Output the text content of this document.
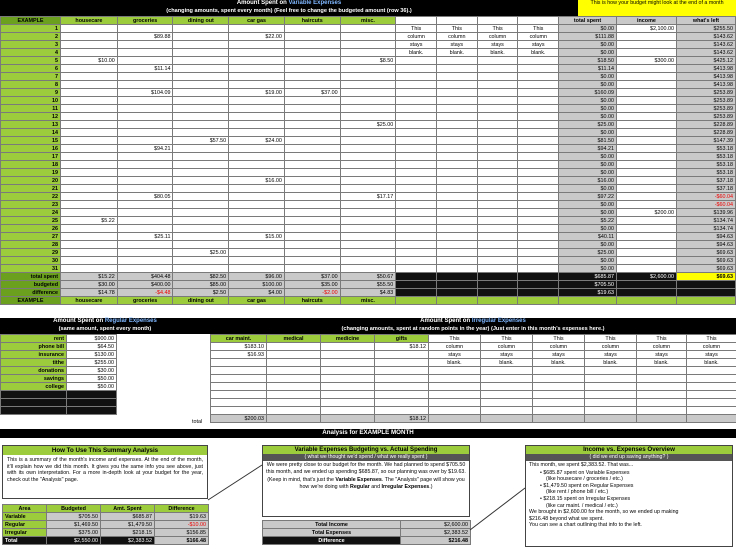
Amount Spent on Variable Expenses
(changing amounts, spent every month) (Feel free to change the budgeted amount (row 36).)
This is how your budget might look at the end of a month
EXAMPLE	housecare	groceries	dining out	car gas	haircuts	misc.					total spent	income	what's left
1							This	This	This	This	$0.00	$2,100.00	$255.50
2		$89.88		$22.00			column	column	column	column	$111.88		$143.62
3							stays	stays	stays	stays	$0.00		$143.62
4							blank.	blank.	blank.	blank.	$0.00		$143.62
5	$10.00					$8.50					$18.50	$300.00	$425.12
6		$11.14									$11.14		$413.98
7											$0.00		$413.98
8											$0.00		$413.98
9		$104.09		$19.00	$37.00						$160.09		$253.89
10											$0.00		$253.89
11											$0.00		$253.89
12											$0.00		$253.89
13						$25.00					$25.00		$228.89
14											$0.00		$228.89
15			$57.50	$24.00							$81.50		$147.39
16		$94.21									$94.21		$53.18
17											$0.00		$53.18
18											$0.00		$53.18
19											$0.00		$53.18
20				$16.00							$16.00		$37.18
21											$0.00		$37.18
22		$80.05				$17.17					$97.22		-$60.04
23											$0.00		-$60.04
24											$0.00	$200.00	$139.96
25	$5.22										$5.22		$134.74
26											$0.00		$134.74
27		$25.11		$15.00							$40.11		$94.63
28											$0.00		$94.63
29			$25.00								$25.00		$69.63
30											$0.00		$69.63
31											$0.00		$69.63
total spent	$15.22	$404.48	$82.50	$96.00	$37.00	$50.67					$685.87	$2,600.00	$69.63
budgeted	$30.00	$400.00	$85.00	$100.00	$35.00	$55.50					$705.50		
difference	$14.78	-$4.48	$2.50	$4.00	-$2.00	$4.83					$19.63		
EXAMPLE	housecare	groceries	dining out	car gas	haircuts	misc.							
Amount Spent on Regular Expenses
(same amount, spent every month)
rent	$900.00
phone bill	$64.50
insurance	$130.00
tithe	$255.00
donations	$30.00
savings	$50.00
college	$50.00

Amount Spent on Irregular Expenses
(changing amounts, spent at random points in the year) (Just enter in this month's expenses here.)
car maint.	medical	medicine	gifts	This	This	This	This	This	This
$183.10			$18.12	column	column	column	column	column	column
$16.93				stays	stays	stays	stays	stays	stays
				blank.	blank.	blank.	blank.	blank.	blank.

$200.03			$18.12						
Analysis for EXAMPLE MONTH
How To Use This Summary Analysis
This is a summary of the month's income and expenses. At the end of the month, it'll explain how we did this month. It gives you the same info you see above, just with its own interpretation. For a more in-depth look at your budget for the year, check out the "Analysis" page.
Area	Budgeted	Amt. Spent	Difference
Variable	$705.50	$685.87	$19.63
Regular	$1,469.50	$1,479.50	-$10.00
Irregular	$375.00	$218.15	$156.85
Total	$2,550.00	$2,383.52	$166.48
Variable Expenses Budgeting vs. Actual Spending
( what we thought we'd spend / what we really spent )
We were pretty close to our budget for the month. We had planned to spend $705.50 this month, and we ended up spending $685.87, so our planning was over by $19.63.
(Keep in mind, that's just the Variable Expenses. The "Analysis" page will show you how we're doing with Regular and Irregular Expenses.)
Total Income	$2,600.00
Total Expenses	$2,383.52
Difference	$216.48
Income vs. Expenses Overview
( did we end up saving anything? )
This month, we spent $2,383.52. That was...
• $685.87 spent on Variable Expenses
(like housecare / groceries / etc.)
• $1,479.50 spent on Regular Expenses
(like rent / phone bill / etc.)
• $218.15 spent on Irregular Expenses
(like car maint. / medical / etc.)
We brought in $2,600.00 for the month, so we ended up making
$216.48 beyond what we spent.
You can see a chart outlining that info to the left.
total
